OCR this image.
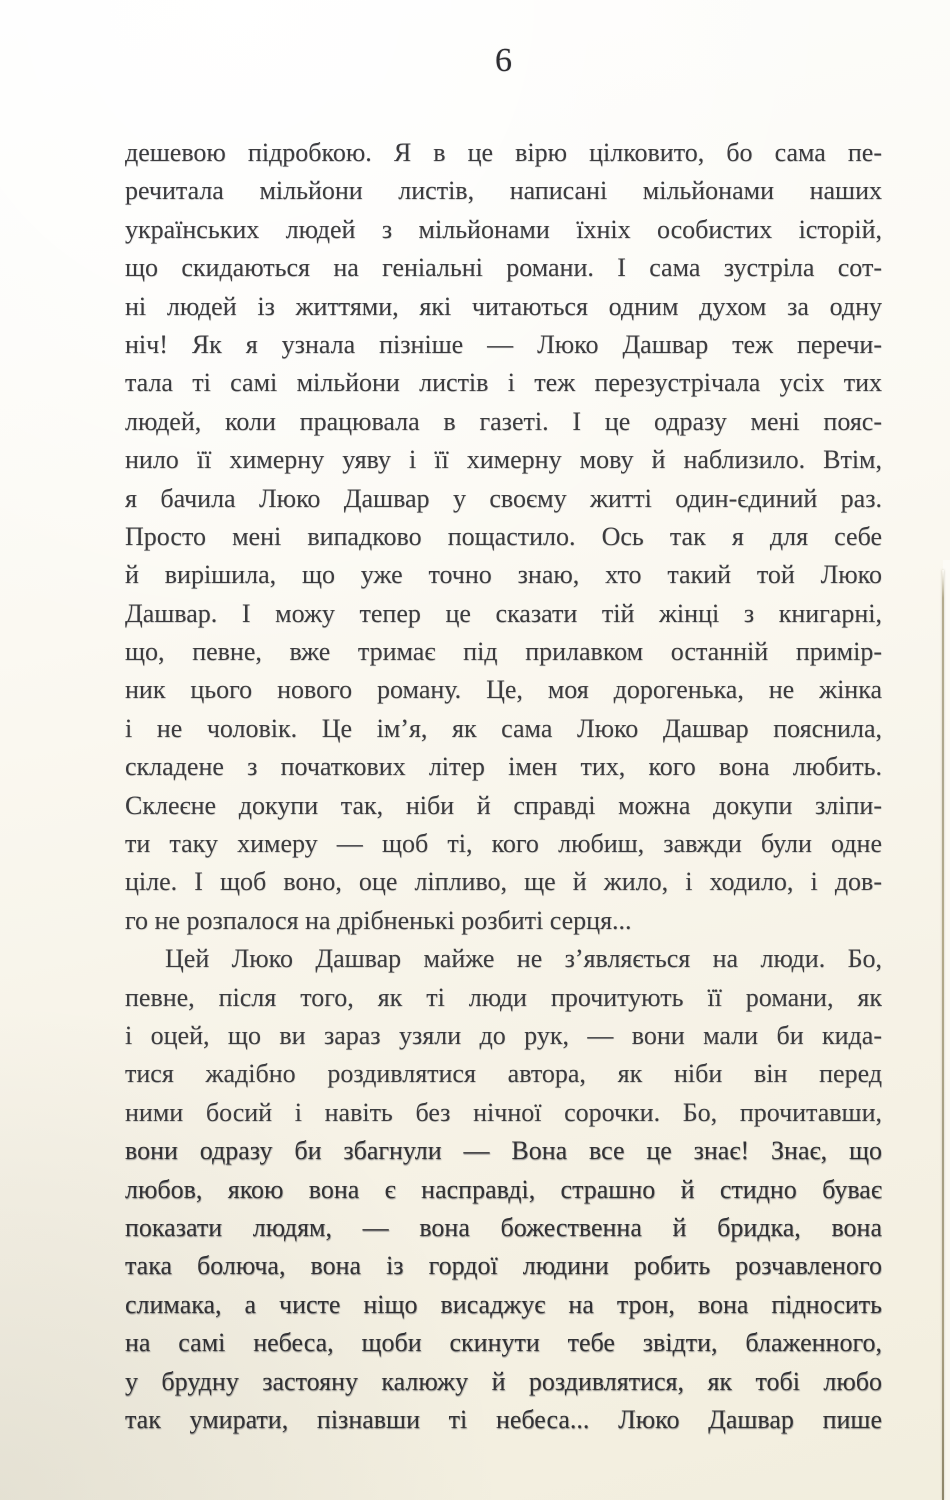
6
дешевою підробкою. Я в це вірю цілковито, бо сама пе-
речитала мільйони листів, написані мільйонами наших
українських людей з мільйонами їхніх особистих історій,
що скидаються на геніальні романи. І сама зустріла сот-
ні людей із життями, які читаються одним духом за одну
ніч! Як я узнала пізніше — Люко Дашвар теж перечи-
тала ті самі мільйони листів і теж перезустрічала усіх тих
людей, коли працювала в газеті. І це одразу мені пояс-
нило її химерну уяву і її химерну мову й наблизило. Втім,
я бачила Люко Дашвар у своєму житті один-єдиний раз.
Просто мені випадково пощастило. Ось так я для себе
й вирішила, що уже точно знаю, хто такий той Люко
Дашвар. І можу тепер це сказати тій жінці з книгарні,
що, певне, вже тримає під прилавком останній примір-
ник цього нового роману. Це, моя дорогенька, не жінка
і не чоловік. Це ім’я, як сама Люко Дашвар пояснила,
складене з початкових літер імен тих, кого вона любить.
Склеєне докупи так, ніби й справді можна докупи зліпи-
ти таку химеру — щоб ті, кого любиш, завжди були одне
ціле. І щоб воно, оце ліпливо, ще й жило, і ходило, і дов-
го не розпалося на дрібненькі розбиті серця...
Цей Люко Дашвар майже не з’являється на люди. Бо,
певне, після того, як ті люди прочитують її романи, як
і оцей, що ви зараз узяли до рук, — вони мали би кида-
тися жадібно роздивлятися автора, як ніби він перед
ними босий і навіть без нічної сорочки. Бо, прочитавши,
вони одразу би збагнули — Вона все це знає! Знає, що
любов, якою вона є насправді, страшно й стидно буває
показати людям, — вона божественна й бридка, вона
така болюча, вона із гордої людини робить розчавленого
слимака, а чисте ніщо висаджує на трон, вона підносить
на самі небеса, щоби скинути тебе звідти, блаженного,
у брудну застояну калюжу й роздивлятися, як тобі любо
так умирати, пізнавши ті небеса... Люко Дашвар пише
